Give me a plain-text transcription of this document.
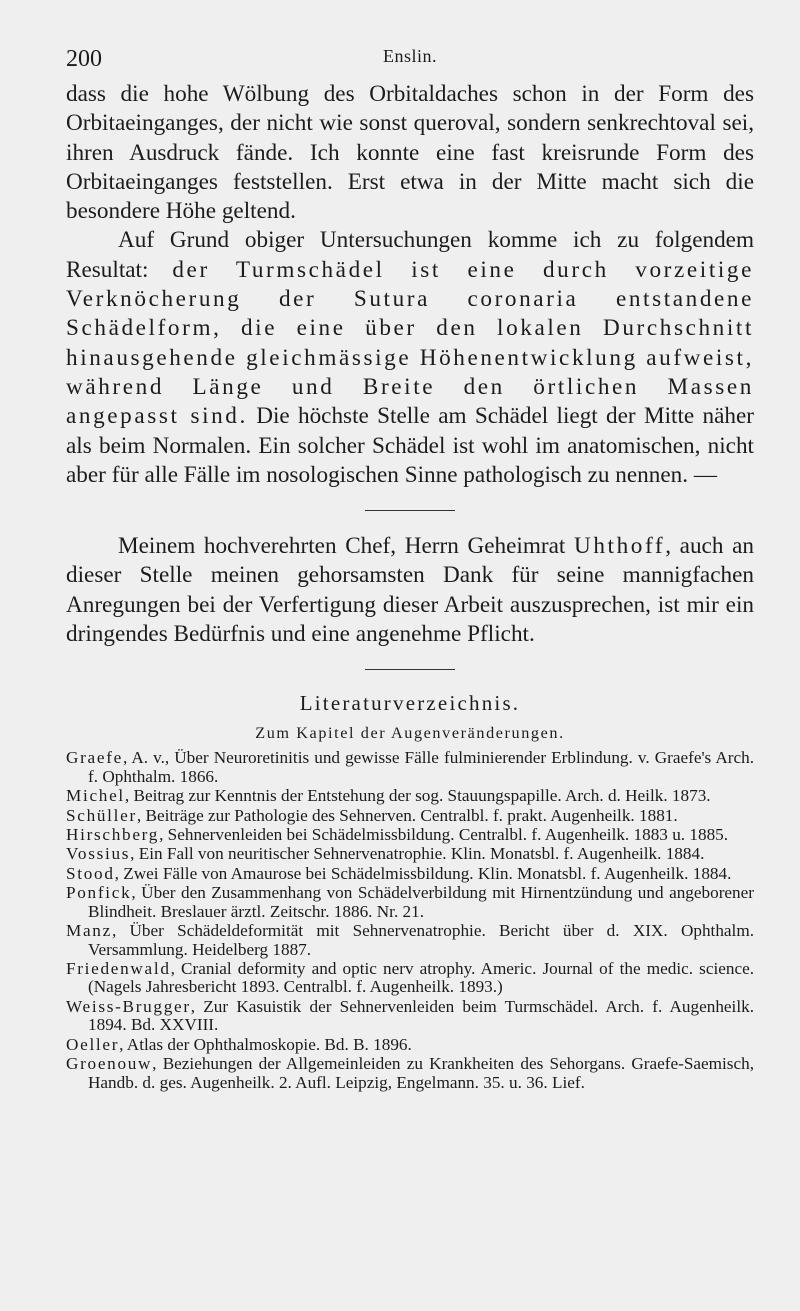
200	Enslin.

dass die hohe Wölbung des Orbitaldaches schon in der Form des Orbitaeinganges, der nicht wie sonst queroval, sondern senkrechtoval sei, ihren Ausdruck fände. Ich konnte eine fast kreisrunde Form des Orbitaeinganges feststellen. Erst etwa in der Mitte macht sich die besondere Höhe geltend.

Auf Grund obiger Untersuchungen komme ich zu folgendem Resultat: der Turmschädel ist eine durch vorzeitige Verknöcherung der Sutura coronaria entstandene Schädelform, die eine über den lokalen Durchschnitt hinausgehende gleichmässige Höhenentwicklung aufweist, während Länge und Breite den örtlichen Massen angepasst sind. Die höchste Stelle am Schädel liegt der Mitte näher als beim Normalen. Ein solcher Schädel ist wohl im anatomischen, nicht aber für alle Fälle im nosologischen Sinne pathologisch zu nennen. —

Meinem hochverehrten Chef, Herrn Geheimrat Uhthoff, auch an dieser Stelle meinen gehorsamsten Dank für seine mannigfachen Anregungen bei der Verfertigung dieser Arbeit auszusprechen, ist mir ein dringendes Bedürfnis und eine angenehme Pflicht.

Literaturverzeichnis.
Zum Kapitel der Augenveränderungen.

Graefe, A. v., Über Neuroretinitis und gewisse Fälle fulminierender Erblindung. v. Graefe's Arch. f. Ophthalm. 1866.

Michel, Beitrag zur Kenntnis der Entstehung der sog. Stauungspapille. Arch. d. Heilk. 1873.

Schüller, Beiträge zur Pathologie des Sehnerven. Centralbl. f. prakt. Augenheilk. 1881.

Hirschberg, Sehnervenleiden bei Schädelmissbildung. Centralbl. f. Augenheilk. 1883 u. 1885.

Vossius, Ein Fall von neuritischer Sehnervenatrophie. Klin. Monatsbl. f. Augenheilk. 1884.

Stood, Zwei Fälle von Amaurose bei Schädelmissbildung. Klin. Monatsbl. f. Augenheilk. 1884.

Ponfick, Über den Zusammenhang von Schädelverbildung mit Hirnentzündung und angeborener Blindheit. Breslauer ärztl. Zeitschr. 1886. Nr. 21.

Manz, Über Schädeldeformität mit Sehnervenatrophie. Bericht über d. XIX. Ophthalm. Versammlung. Heidelberg 1887.

Friedenwald, Cranial deformity and optic nerv atrophy. Americ. Journal of the medic. science. (Nagels Jahresbericht 1893. Centralbl. f. Augenheilk. 1893.)

Weiss-Brugger, Zur Kasuistik der Sehnervenleiden beim Turmschädel. Arch. f. Augenheilk. 1894. Bd. XXVIII.

Oeller, Atlas der Ophthalmoskopie. Bd. B. 1896.

Groenouw, Beziehungen der Allgemeinleiden zu Krankheiten des Sehorgans. Graefe-Saemisch, Handb. d. ges. Augenheilk. 2. Aufl. Leipzig, Engelmann. 35. u. 36. Lief.
